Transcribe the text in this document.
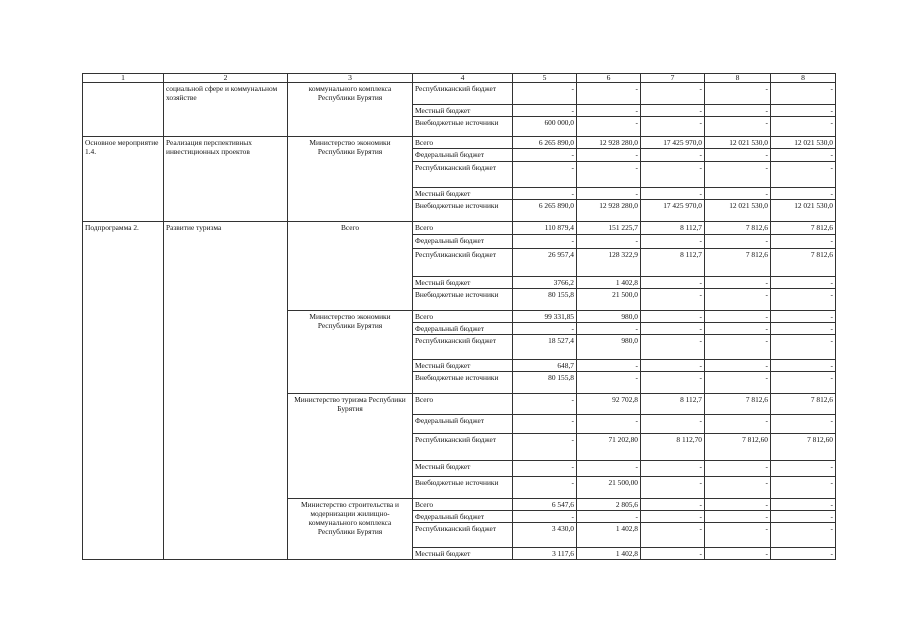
1	2	3	4	5	6	7	8	8
	социальной сфере и коммунальном хозяйстве	коммунального комплекса Республики Бурятия	Республиканский бюджет	-	-	-	-	-
			Местный бюджет	-	-	-	-	-
			Внебюджетные источники	600 000,0	-	-	-	-
Основное мероприятие 1.4.	Реализация перспективных инвестиционных проектов	Министерство экономики Республики Бурятия	Всего	6 265 890,0	12 928 280,0	17 425 970,0	12 021 530,0	12 021 530,0
			Федеральный бюджет	-	-	-	-	-
			Республиканский бюджет	-	-	-	-	-
			Местный бюджет	-	-	-	-	-
			Внебюджетные источники	6 265 890,0	12 928 280,0	17 425 970,0	12 021 530,0	12 021 530,0
Подпрограмма 2.	Развитие туризма	Всего	Всего	110 879,4	151 225,7	8 112,7	7 812,6	7 812,6
			Федеральный бюджет	-	-	-	-	-
			Республиканский бюджет	26 957,4	128 322,9	8 112,7	7 812,6	7 812,6
			Местный бюджет	3766,2	1 402,8	-	-	-
			Внебюджетные источники	80 155,8	21 500,0	-	-	-
		Министерство экономики Республики Бурятия	Всего	99 331,85	980,0	-	-	-
			Федеральный бюджет	-	-	-	-	-
			Республиканский бюджет	18 527,4	980,0	-	-	-
			Местный бюджет	648,7	-	-	-	-
			Внебюджетные источники	80 155,8	-	-	-	-
		Министерство туризма Республики Бурятия	Всего	-	92 702,8	8 112,7	7 812,6	7 812,6
			Федеральный бюджет	-	-	-	-	-
			Республиканский бюджет	-	71 202,80	8 112,70	7 812,60	7 812,60
			Местный бюджет	-	-	-	-	-
			Внебюджетные источники	-	21 500,00	-	-	-
		Министерство строительства и модернизации жилищно-коммунального комплекса Республики Бурятия	Всего	6 547,6	2 805,6	-	-	-
			Федеральный бюджет	-	-	-	-	-
			Республиканский бюджет	3 430,0	1 402,8	-	-	-
			Местный бюджет	3 117,6	1 402,8	-	-	-
